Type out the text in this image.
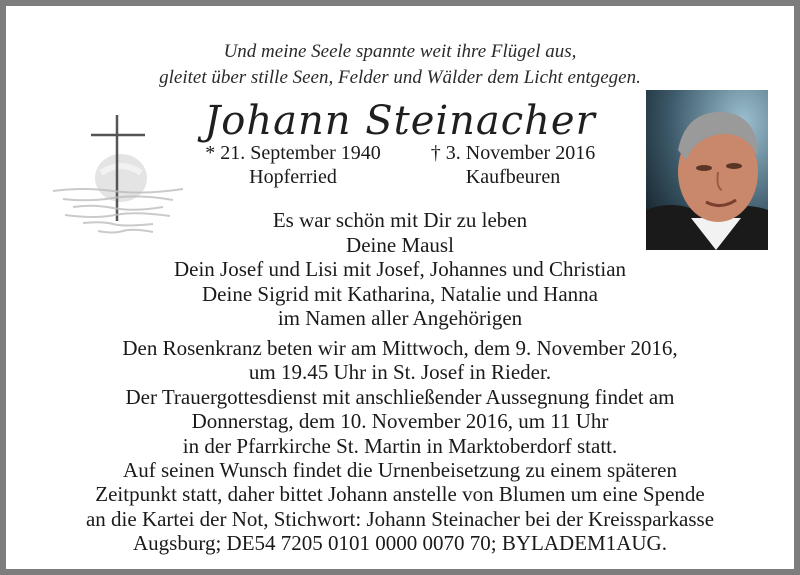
Und meine Seele spannte weit ihre Flügel aus,
gleitet über stille Seen, Felder und Wälder dem Licht entgegen.
Johann Steinacher
* 21. September 1940
Hopferried
† 3. November 2016
Kaufbeuren
Es war schön mit Dir zu leben
Deine Mausl
Dein Josef und Lisi mit Josef, Johannes und Christian
Deine Sigrid mit Katharina, Natalie und Hanna
im Namen aller Angehörigen
Den Rosenkranz beten wir am Mittwoch, dem 9. November 2016,
um 19.45 Uhr in St. Josef in Rieder.
Der Trauergottesdienst mit anschließender Aussegnung findet am
Donnerstag, dem 10. November 2016, um 11 Uhr
in der Pfarrkirche St. Martin in Marktoberdorf statt.
Auf seinen Wunsch findet die Urnenbeisetzung zu einem späteren
Zeitpunkt statt, daher bittet Johann anstelle von Blumen um eine Spende
an die Kartei der Not, Stichwort: Johann Steinacher bei der Kreissparkasse
Augsburg; DE54 7205 0101 0000 0070 70; BYLADEM1AUG.
